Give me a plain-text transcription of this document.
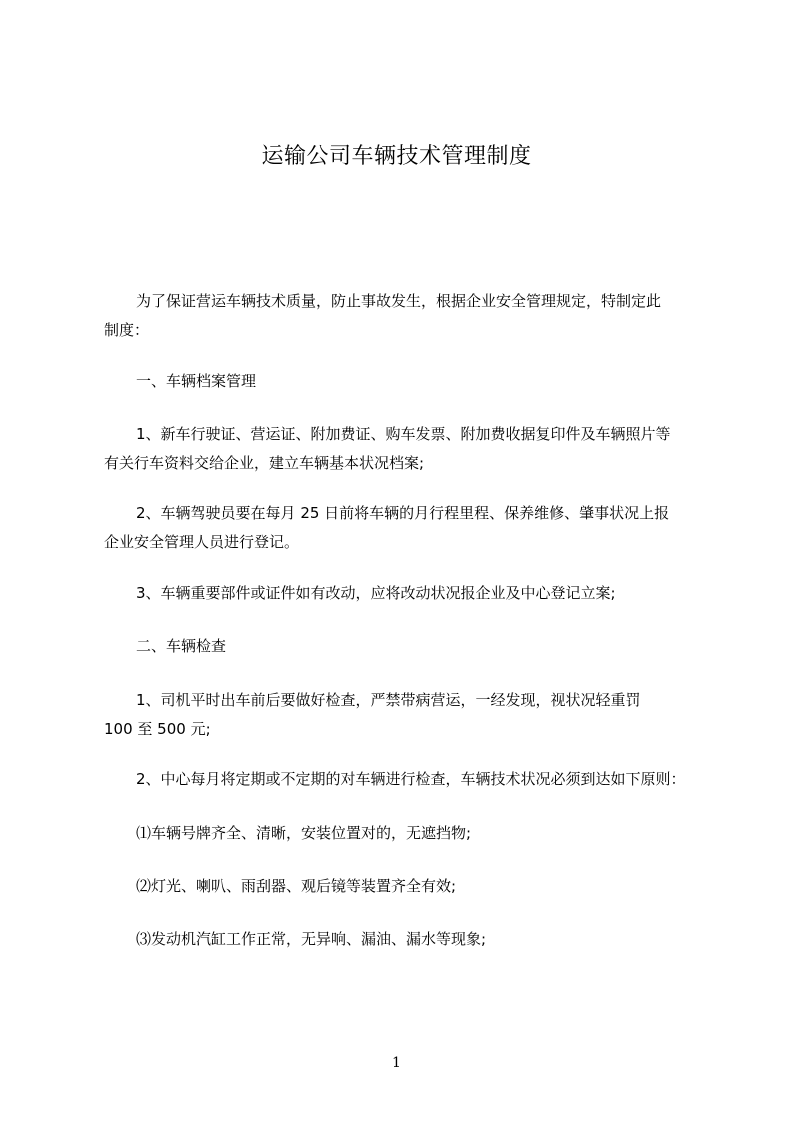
运输公司车辆技术管理制度
为了保证营运车辆技术质量，防止事故发生，根据企业安全管理规定，特制定此
制度：
一、车辆档案管理
1、新车行驶证、营运证、附加费证、购车发票、附加费收据复印件及车辆照片等
有关行车资料交给企业，建立车辆基本状况档案;
2、车辆驾驶员要在每月 25 日前将车辆的月行程里程、保养维修、肇事状况上报
企业安全管理人员进行登记。
3、车辆重要部件或证件如有改动，应将改动状况报企业及中心登记立案;
二、车辆检查
1、司机平时出车前后要做好检查，严禁带病营运，一经发现，视状况轻重罚
100 至 500 元;
2、中心每月将定期或不定期的对车辆进行检查，车辆技术状况必须到达如下原则：
⑴车辆号牌齐全、清晰，安装位置对的，无遮挡物;
⑵灯光、喇叭、雨刮器、观后镜等装置齐全有效;
⑶发动机汽缸工作正常，无异响、漏油、漏水等现象;
1
